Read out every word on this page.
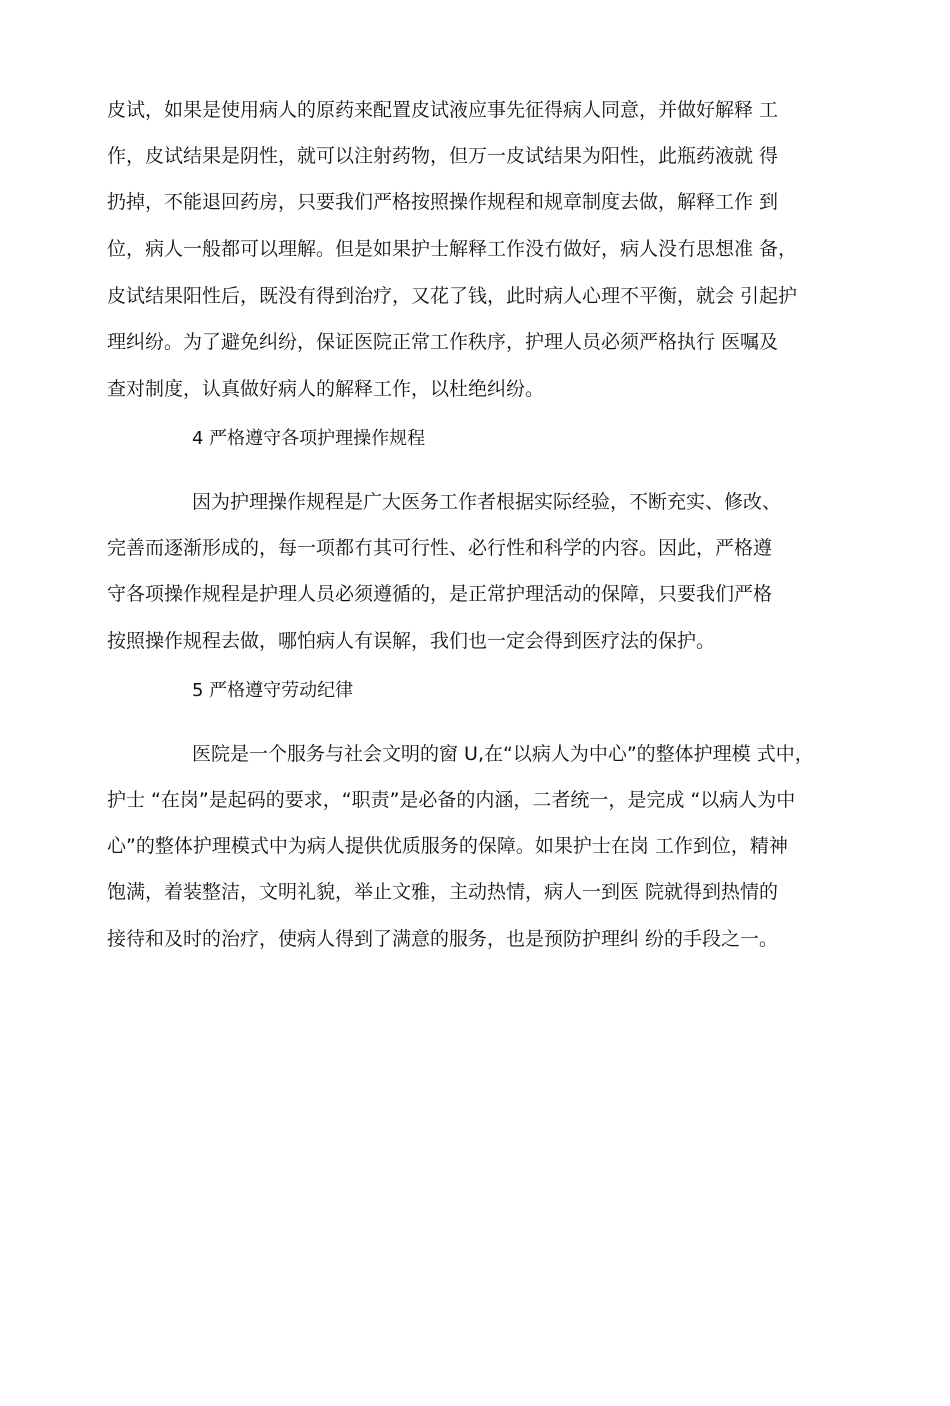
皮试，如果是使用病人的原药来配置皮试液应事先征得病人同意，并做好解释 工
作，皮试结果是阴性，就可以注射药物，但万一皮试结果为阳性，此瓶药液就 得
扔掉，不能退回药房，只要我们严格按照操作规程和规章制度去做，解释工作 到
位，病人一般都可以理解。但是如果护士解释工作没冇做好，病人没冇思想准 备，
皮试结果阳性后，既没有得到治疗，又花了钱，此时病人心理不平衡，就会 引起护
理纠纷。为了避免纠纷，保证医院正常工作秩序，护理人员必须严格执行 医嘱及
查对制度，认真做好病人的解释工作，以杜绝纠纷。
4 严格遵守各项护理操作规程
因为护理操作规程是广大医务工作者根据实际经验，不断充实、修改、
完善而逐渐形成的，每一项都冇其可行性、必行性和科学的内容。因此，严格遵
守各项操作规程是护理人员必须遵循的，是正常护理活动的保障，只要我们严格
按照操作规程去做，哪怕病人有误解，我们也一定会得到医疗法的保护。
5 严格遵守劳动纪律
医院是一个服务与社会文明的窗 U,在“以病人为中心”的整体护理模 式中，
护士 “在岗”是起码的要求，“职责”是必备的内涵，二者统一，是完成 “以病人为中
心”的整体护理模式中为病人提供优质服务的保障。如果护士在岗 工作到位，精神
饱满，着装整洁，文明礼貌，举止文雅，主动热情，病人一到医 院就得到热情的
接待和及时的治疗，使病人得到了满意的服务，也是预防护理纠 纷的手段之一。
